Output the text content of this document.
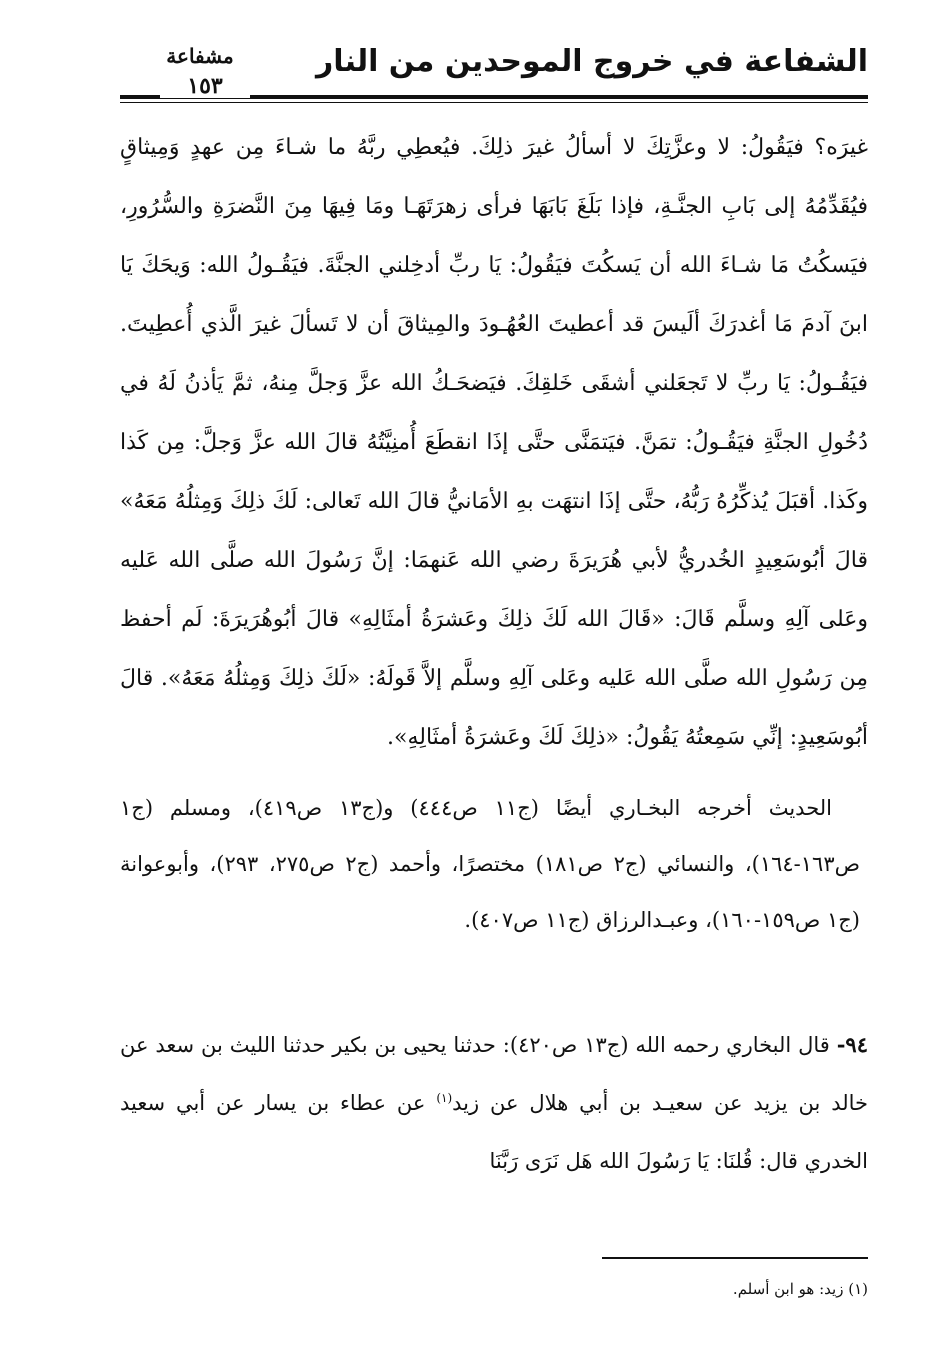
الشفاعة في خروج الموحدين من النار
مشفاعة
١٥٣

غيرَه؟ فيَقُولُ: لا وعزَّتِكَ لا أسألُ غيرَ ذلِكَ. فيُعطِي ربَّهُ ما شـاءَ مِن عهدٍ وَمِيثاقٍ فيُقَدِّمُهُ إلى بَابِ الجنَّـةِ، فإذا بَلَغَ بَابَهَا فرأى زهرَتَهَـا ومَا فِيهَا مِنَ النَّضرَةِ والسُّرُورِ، فيَسكُتُ مَا شـاءَ الله أن يَسكُتَ فيَقُولُ: يَا ربِّ أدخِلني الجنَّةَ. فيَقُـولُ الله: وَيحَكَ يَا ابنَ آدمَ مَا أغدرَكَ ألَيسَ قد أعطيتَ العُهُـودَ والمِيثاقَ أن لا تَسألَ غيرَ الَّذي أُعطِيتَ. فيَقُـولُ: يَا ربِّ لا تَجعَلني أشقَى خَلقِكَ. فيَضحَـكُ الله عزَّ وَجلَّ مِنهُ، ثمَّ يَأذنُ لَهُ في دُخُولِ الجنَّةِ فيَقُـولُ: تمَنَّ. فيَتمَنَّى حتَّى إذَا انقطَعَ أُمنِيَّتُهُ قالَ الله عزَّ وَجلَّ: مِن كَذا وكَذا. أقبَلَ يُذكِّرُهُ رَبُّهُ، حتَّى إذَا انتهَت بهِ الأمَانيُّ قالَ الله تَعالى: لَكَ ذلِكَ وَمِثلُهُ مَعَهُ» قالَ أبُوسَعِيدٍ الخُدريُّ لأبي هُرَيرَةَ رضي الله عَنهمَا: إنَّ رَسُولَ الله صلَّى الله عَليه وعَلى آلِهِ وسلَّم قَالَ: «قَالَ الله لَكَ ذلِكَ وعَشرَةُ أمثَالِهِ» قالَ أبُوهُرَيرَةَ: لَم أحفظ مِن رَسُولِ الله صلَّى الله عَليه وعَلى آلِهِ وسلَّم إلاَّ قَولَهُ: «لَكَ ذلِكَ وَمِثلُهُ مَعَهُ». قالَ أبُوسَعِيدٍ: إنِّي سَمِعتُهُ يَقُولُ: «ذلِكَ لَكَ وعَشرَةُ أمثَالِهِ».

الحديث أخرجه البخـاري أيضًا (ج١١ ص٤٤٤) و(ج١٣ ص٤١٩)، ومسلم (ج١ ص١٦٣-١٦٤)، والنسائي (ج٢ ص١٨١) مختصرًا، وأحمد (ج٢ ص٢٧٥، ٢٩٣)، وأبوعوانة (ج١ ص١٥٩-١٦٠)، وعبـدالرزاق (ج١١ ص٤٠٧).

٩٤- قال البخاري رحمه الله (ج١٣ ص٤٢٠): حدثنا يحيى بن بكير حدثنا الليث بن سعد عن خالد بن يزيد عن سعيـد بن أبي هلال عن زيد$^{(١)}$ عن عطاء بن يسار عن أبي سعيد الخدري قال: قُلنَا: يَا رَسُولَ الله هَل نَرَى رَبَّنَا

(١) زيد: هو ابن أسلم.
